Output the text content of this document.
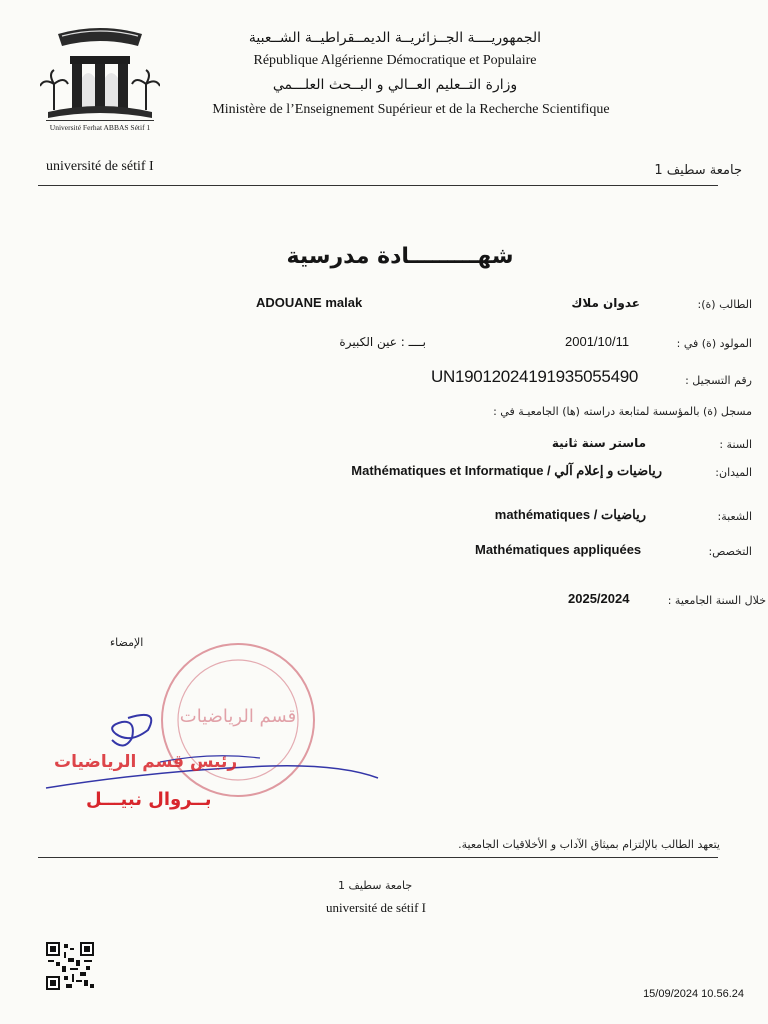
Université Ferhat ABBAS Sétif 1
الجمهوريــــة الجــزائريــة الديمــقراطيــة الشــعبية
République Algérienne Démocratique et Populaire
وزارة التــعليم العــالي و البــحث العلـــمي
Ministère de l’Enseignement Supérieur et de la Recherche Scientifique
université de sétif I	جامعة سطيف 1
شهـــــــــادة مدرسية
الطالب (ة):
عدوان ملاك
ADOUANE malak
المولود (ة) في :
2001/10/11
بــــ : عين الكبيرة
رقم التسجيل :
UN19012024191935055490
مسجل (ة) بالمؤسسة لمتابعة دراسته (ها) الجامعيـة في :
السنة :
ماستر سنة ثانية
الميدان:
رياضيات و إعلام آلي / Mathématiques et Informatique
الشعبة:
رياضيات / mathématiques
التخصص:
Mathématiques appliquées
خلال السنة الجامعية :
2025/2024
الإمضاء
قسم الرياضيات
رئيس قسم الرياضيات
بــروال نبيـــل
يتعهد الطالب بالإلتزام بميثاق الآداب و الأخلاقيات الجامعية.
جامعة سطيف 1
université de sétif I
15/09/2024 10.56.24
